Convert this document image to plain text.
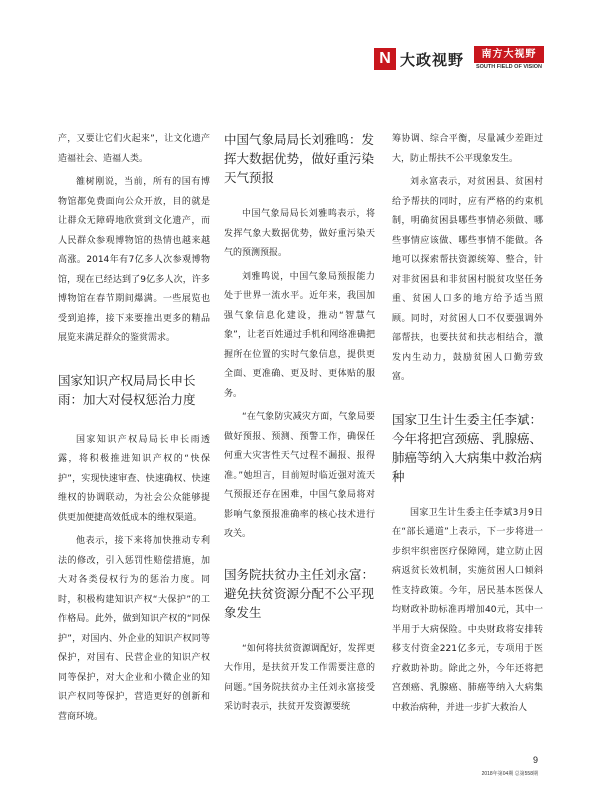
N 大政视野	南方大视野
SOUTH FIELD OF VISION

产，又要让它们火起来”，让文化遗产造福社会、造福人类。

雒树刚说，当前，所有的国有博物馆都免费面向公众开放，目的就是让群众无障碍地欣赏到文化遗产，而人民群众参观博物馆的热情也越来越高涨。2014年有7亿多人次参观博物馆，现在已经达到了9亿多人次，许多博物馆在春节期间爆满。一些展览也受到追捧，接下来要推出更多的精品展览来满足群众的鉴赏需求。

国家知识产权局局长申长雨：加大对侵权惩治力度

国家知识产权局局长申长雨透露，将积极推进知识产权的“快保护”，实现快速审查、快速确权、快速维权的协调联动，为社会公众能够提供更加便捷高效低成本的维权渠道。

他表示，接下来将加快推动专利法的修改，引入惩罚性赔偿措施，加大对各类侵权行为的惩治力度。同时，积极构建知识产权“大保护”的工作格局。此外，做到知识产权的“同保护”，对国内、外企业的知识产权同等保护，对国有、民营企业的知识产权同等保护，对大企业和小微企业的知识产权同等保护，营造更好的创新和营商环境。

中国气象局局长刘雅鸣：发挥大数据优势，做好重污染天气预报

中国气象局局长刘雅鸣表示，将发挥气象大数据优势，做好重污染天气的预测预报。

刘雅鸣说，中国气象局预报能力处于世界一流水平。近年来，我国加强气象信息化建设，推动“智慧气象”，让老百姓通过手机和网络准确把握所在位置的实时气象信息，提供更全面、更准确、更及时、更体贴的服务。

“在气象防灾减灾方面，气象局要做好预报、预测、预警工作，确保任何重大灾害性天气过程不漏报、报得准。”她坦言，目前短时临近强对流天气预报还存在困难，中国气象局将对影响气象预报准确率的核心技术进行攻关。

国务院扶贫办主任刘永富：避免扶贫资源分配不公平现象发生

“如何将扶贫资源调配好，发挥更大作用，是扶贫开发工作需要注意的问题。”国务院扶贫办主任刘永富接受采访时表示，扶贫开发资源要统

筹协调、综合平衡，尽量减少差距过大，防止帮扶不公平现象发生。

刘永富表示，对贫困县、贫困村给予帮扶的同时，应有严格的约束机制，明确贫困县哪些事情必须做、哪些事情应该做、哪些事情不能做。各地可以探索帮扶资源统筹、整合，针对非贫困县和非贫困村脱贫攻坚任务重、贫困人口多的地方给予适当照顾。同时，对贫困人口不仅要强调外部帮扶，也要扶贫和扶志相结合，激发内生动力，鼓励贫困人口勤劳致富。

国家卫生计生委主任李斌：今年将把宫颈癌、乳腺癌、肺癌等纳入大病集中救治病种

国家卫生计生委主任李斌3月9日在“部长通道”上表示，下一步将进一步织牢织密医疗保障网，建立防止因病返贫长效机制，实施贫困人口倾斜性支持政策。今年，居民基本医保人均财政补助标准再增加40元，其中一半用于大病保险。中央财政将安排转移支付资金221亿多元，专项用于医疗救助补助。除此之外，今年还将把宫颈癌、乳腺癌、肺癌等纳入大病集中救治病种，并进一步扩大救治人

9
2018年第04期 总第558期
